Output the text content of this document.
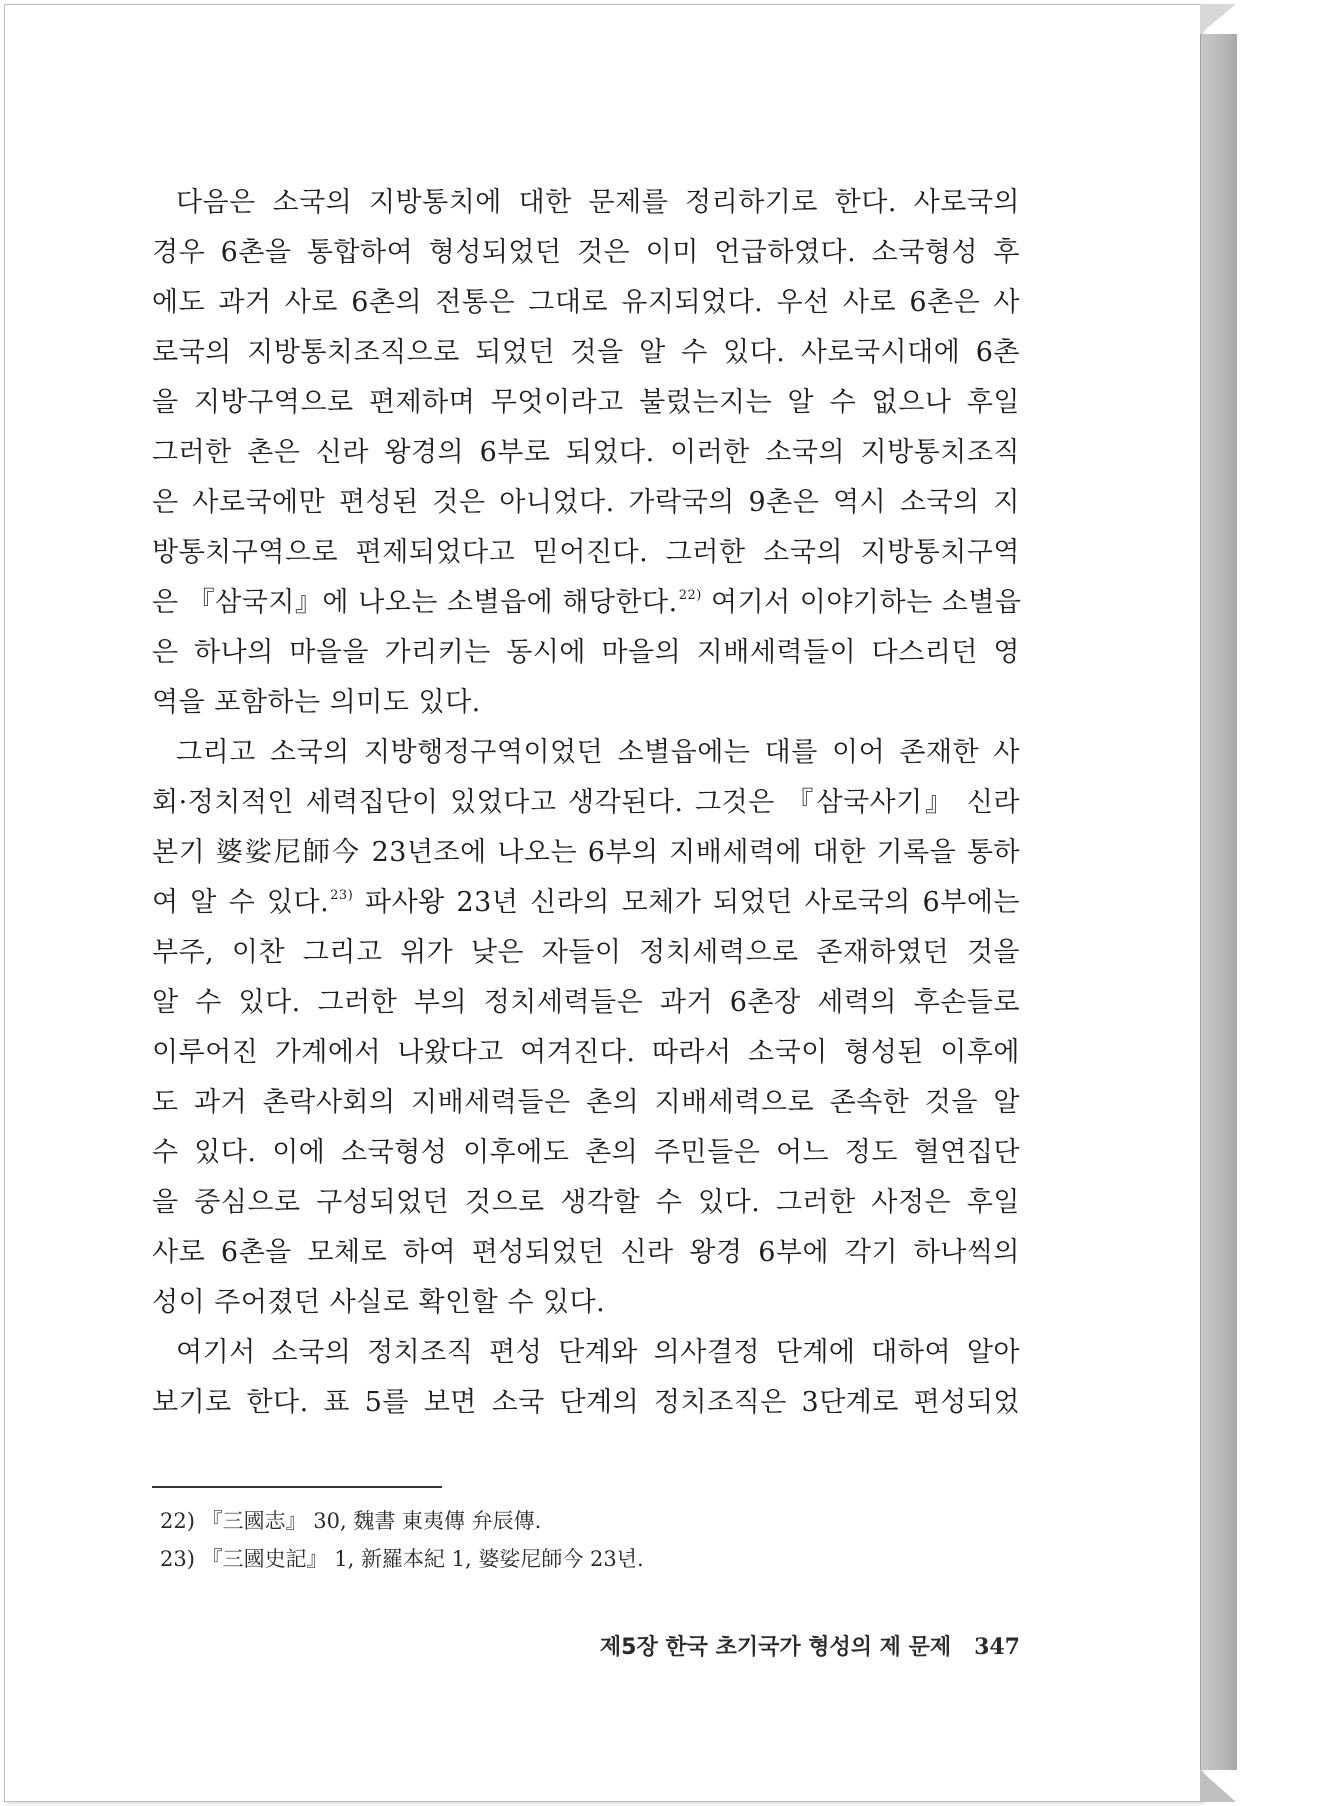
다음은 소국의 지방통치에 대한 문제를 정리하기로 한다. 사로국의
경우 6촌을 통합하여 형성되었던 것은 이미 언급하였다. 소국형성 후
에도 과거 사로 6촌의 전통은 그대로 유지되었다. 우선 사로 6촌은 사
로국의 지방통치조직으로 되었던 것을 알 수 있다. 사로국시대에 6촌
을 지방구역으로 편제하며 무엇이라고 불렀는지는 알 수 없으나 후일
그러한 촌은 신라 왕경의 6부로 되었다. 이러한 소국의 지방통치조직
은 사로국에만 편성된 것은 아니었다. 가락국의 9촌은 역시 소국의 지
방통치구역으로 편제되었다고 믿어진다. 그러한 소국의 지방통치구역
은 『삼국지』에 나오는 소별읍에 해당한다.$^{22)}$ 여기서 이야기하는 소별읍
은 하나의 마을을 가리키는 동시에 마을의 지배세력들이 다스리던 영
역을 포함하는 의미도 있다.
그리고 소국의 지방행정구역이었던 소별읍에는 대를 이어 존재한 사
회·정치적인 세력집단이 있었다고 생각된다. 그것은 『삼국사기』 신라
본기 婆娑尼師今 23년조에 나오는 6부의 지배세력에 대한 기록을 통하
여 알 수 있다.$^{23)}$ 파사왕 23년 신라의 모체가 되었던 사로국의 6부에는
부주, 이찬 그리고 위가 낮은 자들이 정치세력으로 존재하였던 것을
알 수 있다. 그러한 부의 정치세력들은 과거 6촌장 세력의 후손들로
이루어진 가계에서 나왔다고 여겨진다. 따라서 소국이 형성된 이후에
도 과거 촌락사회의 지배세력들은 촌의 지배세력으로 존속한 것을 알
수 있다. 이에 소국형성 이후에도 촌의 주민들은 어느 정도 혈연집단
을 중심으로 구성되었던 것으로 생각할 수 있다. 그러한 사정은 후일
사로 6촌을 모체로 하여 편성되었던 신라 왕경 6부에 각기 하나씩의
성이 주어졌던 사실로 확인할 수 있다.
여기서 소국의 정치조직 편성 단계와 의사결정 단계에 대하여 알아
보기로 한다. 표 5를 보면 소국 단계의 정치조직은 3단계로 편성되었
22) 『三國志』 30, 魏書 東夷傳 弁辰傳.
23) 『三國史記』 1, 新羅本紀 1, 婆娑尼師今 23년.
제5장 한국 초기국가 형성의 제 문제 347
